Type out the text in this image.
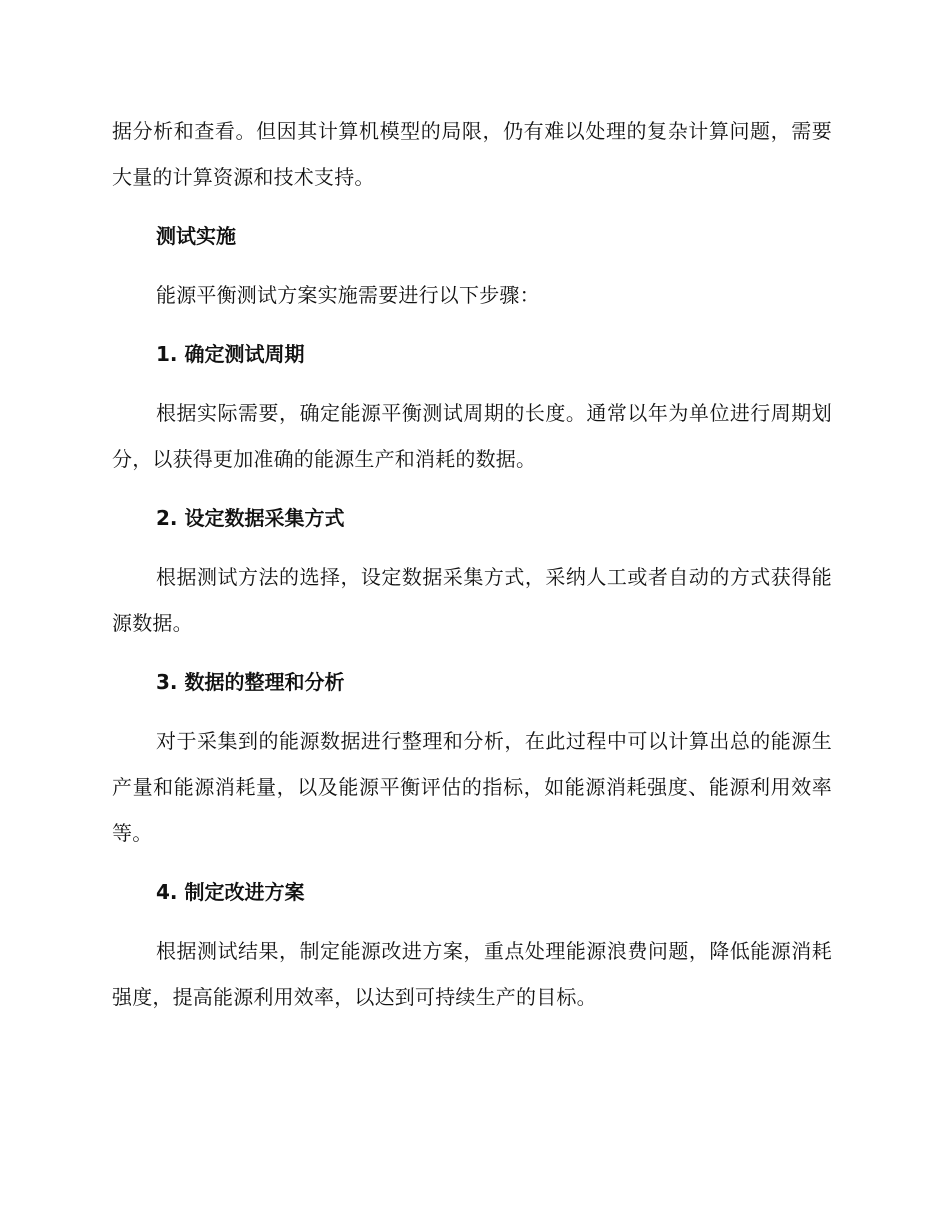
据分析和查看。但因其计算机模型的局限，仍有难以处理的复杂计算问题，需要大量的计算资源和技术支持。

测试实施

能源平衡测试方案实施需要进行以下步骤：

1. 确定测试周期

根据实际需要，确定能源平衡测试周期的长度。通常以年为单位进行周期划分，以获得更加准确的能源生产和消耗的数据。

2. 设定数据采集方式

根据测试方法的选择，设定数据采集方式，采纳人工或者自动的方式获得能源数据。

3. 数据的整理和分析

对于采集到的能源数据进行整理和分析，在此过程中可以计算出总的能源生产量和能源消耗量，以及能源平衡评估的指标，如能源消耗强度、能源利用效率等。

4. 制定改进方案

根据测试结果，制定能源改进方案，重点处理能源浪费问题，降低能源消耗强度，提高能源利用效率，以达到可持续生产的目标。
